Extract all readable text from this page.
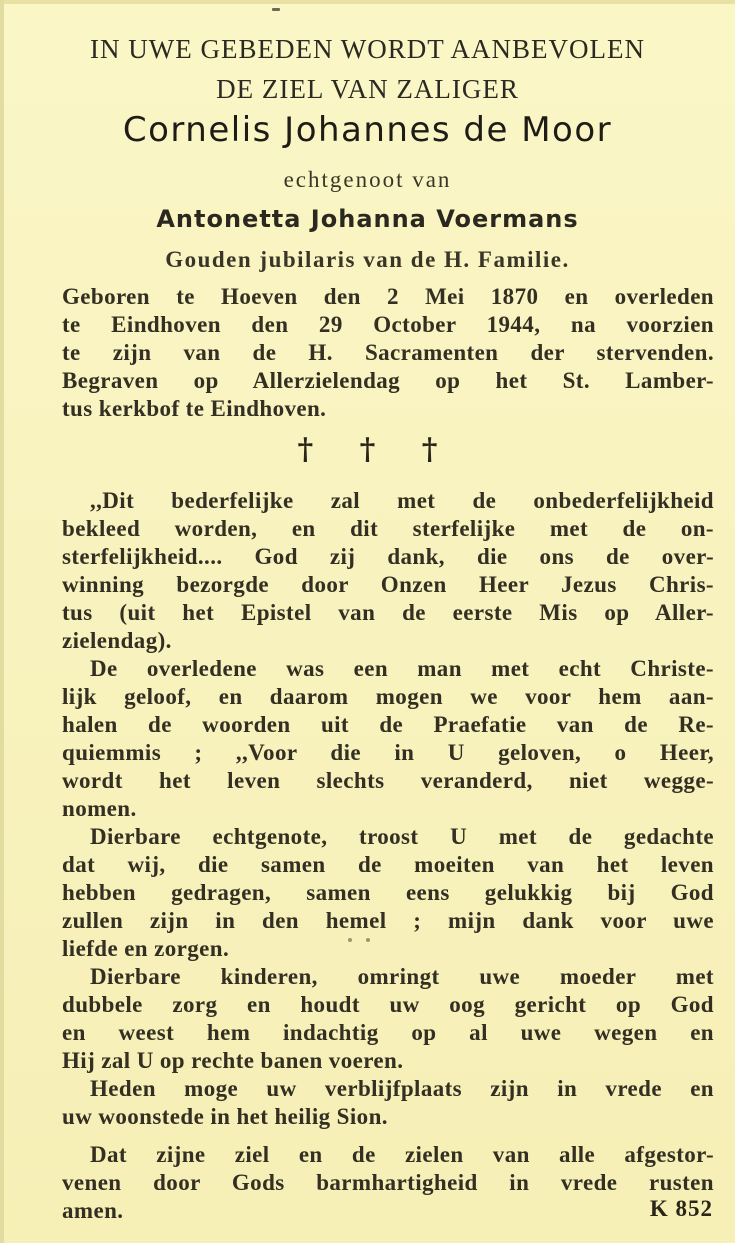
IN UWE GEBEDEN WORDT AANBEVOLEN
DE ZIEL VAN ZALIGER
Cornelis Johannes de Moor
echtgenoot van
Antonetta Johanna Voermans
Gouden jubilaris van de H. Familie.
Geboren te Hoeven den 2 Mei 1870 en overleden
te Eindhoven den 29 October 1944, na voorzien
te zijn van de H. Sacramenten der stervenden.
Begraven op Allerzielendag op het St. Lamber-
tus kerkbof te Eindhoven.
† † †
,,Dit bederfelijke zal met de onbederfelijkheid
bekleed worden, en dit sterfelijke met de on-
sterfelijkheid.... God zij dank, die ons de over-
winning bezorgde door Onzen Heer Jezus Chris-
tus (uit het Epistel van de eerste Mis op Aller-
zielendag).
De overledene was een man met echt Christe-
lijk geloof, en daarom mogen we voor hem aan-
halen de woorden uit de Praefatie van de Re-
quiemmis ; ,,Voor die in U geloven, o Heer,
wordt het leven slechts veranderd, niet wegge-
nomen.
Dierbare echtgenote, troost U met de gedachte
dat wij, die samen de moeiten van het leven
hebben gedragen, samen eens gelukkig bij God
zullen zijn in den hemel ; mijn dank voor uwe
liefde en zorgen.
Dierbare kinderen, omringt uwe moeder met
dubbele zorg en houdt uw oog gericht op God
en weest hem indachtig op al uwe wegen en
Hij zal U op rechte banen voeren.
Heden moge uw verblijfplaats zijn in vrede en
uw woonstede in het heilig Sion.
Dat zijne ziel en de zielen van alle afgestor-
venen door Gods barmhartigheid in vrede rusten
amen.	K 852
